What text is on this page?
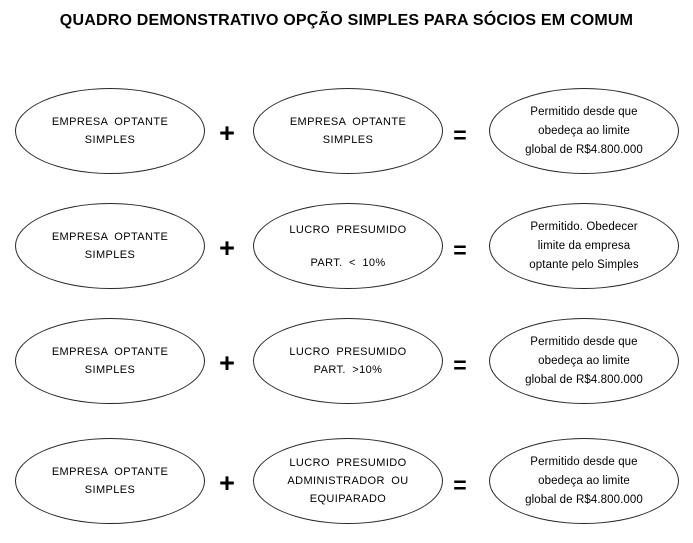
QUADRO DEMONSTRATIVO OPÇÃO SIMPLES PARA SÓCIOS EM COMUM
EMPRESA OPTANTE
SIMPLES	+	EMPRESA OPTANTE
SIMPLES	=
Permitido desde que
obedeça ao limite
global de R$4.800.000
EMPRESA OPTANTE
SIMPLES	+
LUCRO PRESUMIDO
PART. < 10%	=
Permitido. Obedecer
limite da empresa
optante pelo Simples
EMPRESA OPTANTE
SIMPLES	+	LUCRO PRESUMIDO
PART. >10%	=
Permitido desde que
obedeça ao limite
global de R$4.800.000
EMPRESA OPTANTE
SIMPLES	+
LUCRO PRESUMIDO
ADMINISTRADOR OU
EQUIPARADO
=
Permitido desde que
obedeça ao limite
global de R$4.800.000
